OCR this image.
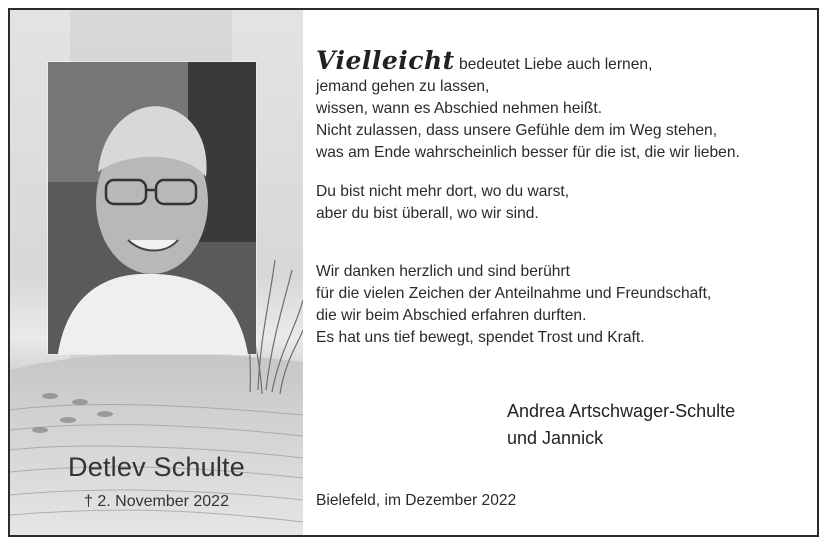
Detlev Schulte
† 2. November 2022
Vielleicht bedeutet Liebe auch lernen,
jemand gehen zu lassen,
wissen, wann es Abschied nehmen heißt.
Nicht zulassen, dass unsere Gefühle dem im Weg stehen,
was am Ende wahrscheinlich besser für die ist, die wir lieben.
Du bist nicht mehr dort, wo du warst,
aber du bist überall, wo wir sind.
Wir danken herzlich und sind berührt
für die vielen Zeichen der Anteilnahme und Freundschaft,
die wir beim Abschied erfahren durften.
Es hat uns tief bewegt, spendet Trost und Kraft.
Andrea Artschwager-Schulte
und Jannick
Bielefeld, im Dezember 2022
